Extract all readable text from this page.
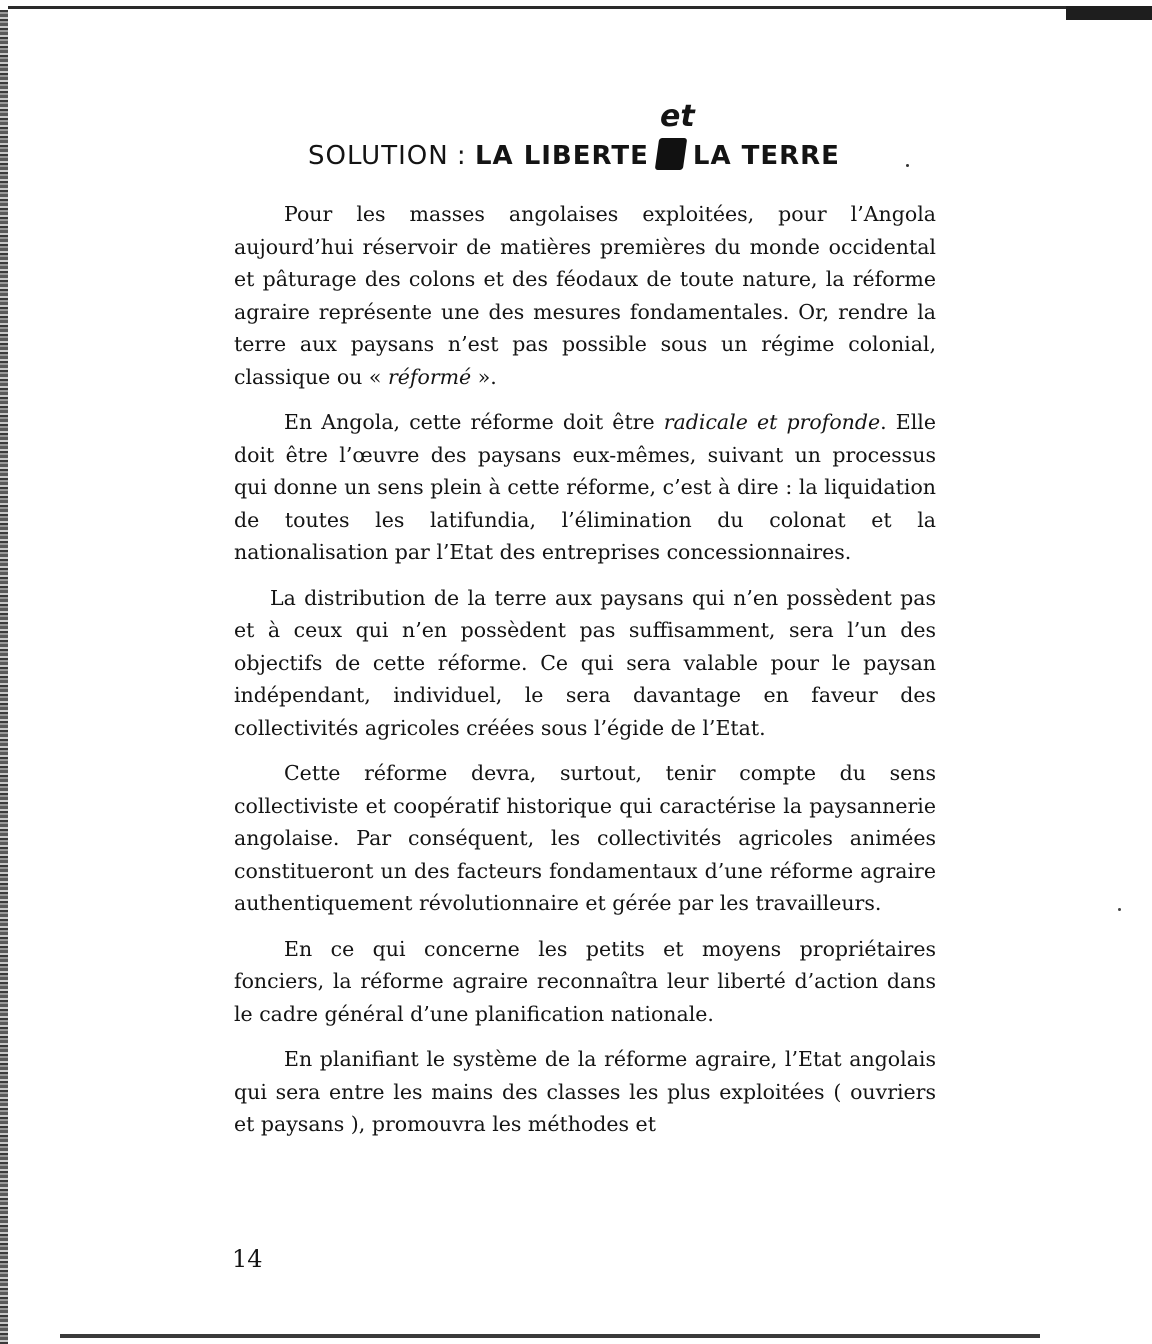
et
SOLUTION : LA LIBERTE LA TERRE

Pour les masses angolaises exploitées, pour l’Angola aujourd’hui réservoir de matières premières du monde occidental et pâturage des colons et des féodaux de toute nature, la réforme agraire représente une des mesures fondamentales. Or, rendre la terre aux paysans n’est pas possible sous un régime colonial, classique ou « réformé ».

En Angola, cette réforme doit être radicale et profonde. Elle doit être l’œuvre des paysans eux-mêmes, suivant un processus qui donne un sens plein à cette réforme, c’est à dire : la liquidation de toutes les latifundia, l’élimination du colonat et la nationalisation par l’Etat des entreprises concessionnaires.

La distribution de la terre aux paysans qui n’en possèdent pas et à ceux qui n’en possèdent pas suffisamment, sera l’un des objectifs de cette réforme. Ce qui sera valable pour le paysan indépendant, individuel, le sera davantage en faveur des collectivités agricoles créées sous l’égide de l’Etat.

Cette réforme devra, surtout, tenir compte du sens collectiviste et coopératif historique qui caractérise la paysannerie angolaise. Par conséquent, les collectivités agricoles animées constitueront un des facteurs fondamentaux d’une réforme agraire authentiquement révolutionnaire et gérée par les travailleurs.

En ce qui concerne les petits et moyens propriétaires fonciers, la réforme agraire reconnaîtra leur liberté d’action dans le cadre général d’une planification nationale.

En planifiant le système de la réforme agraire, l’Etat angolais qui sera entre les mains des classes les plus exploitées ( ouvriers et paysans ), promouvra les méthodes et

14
